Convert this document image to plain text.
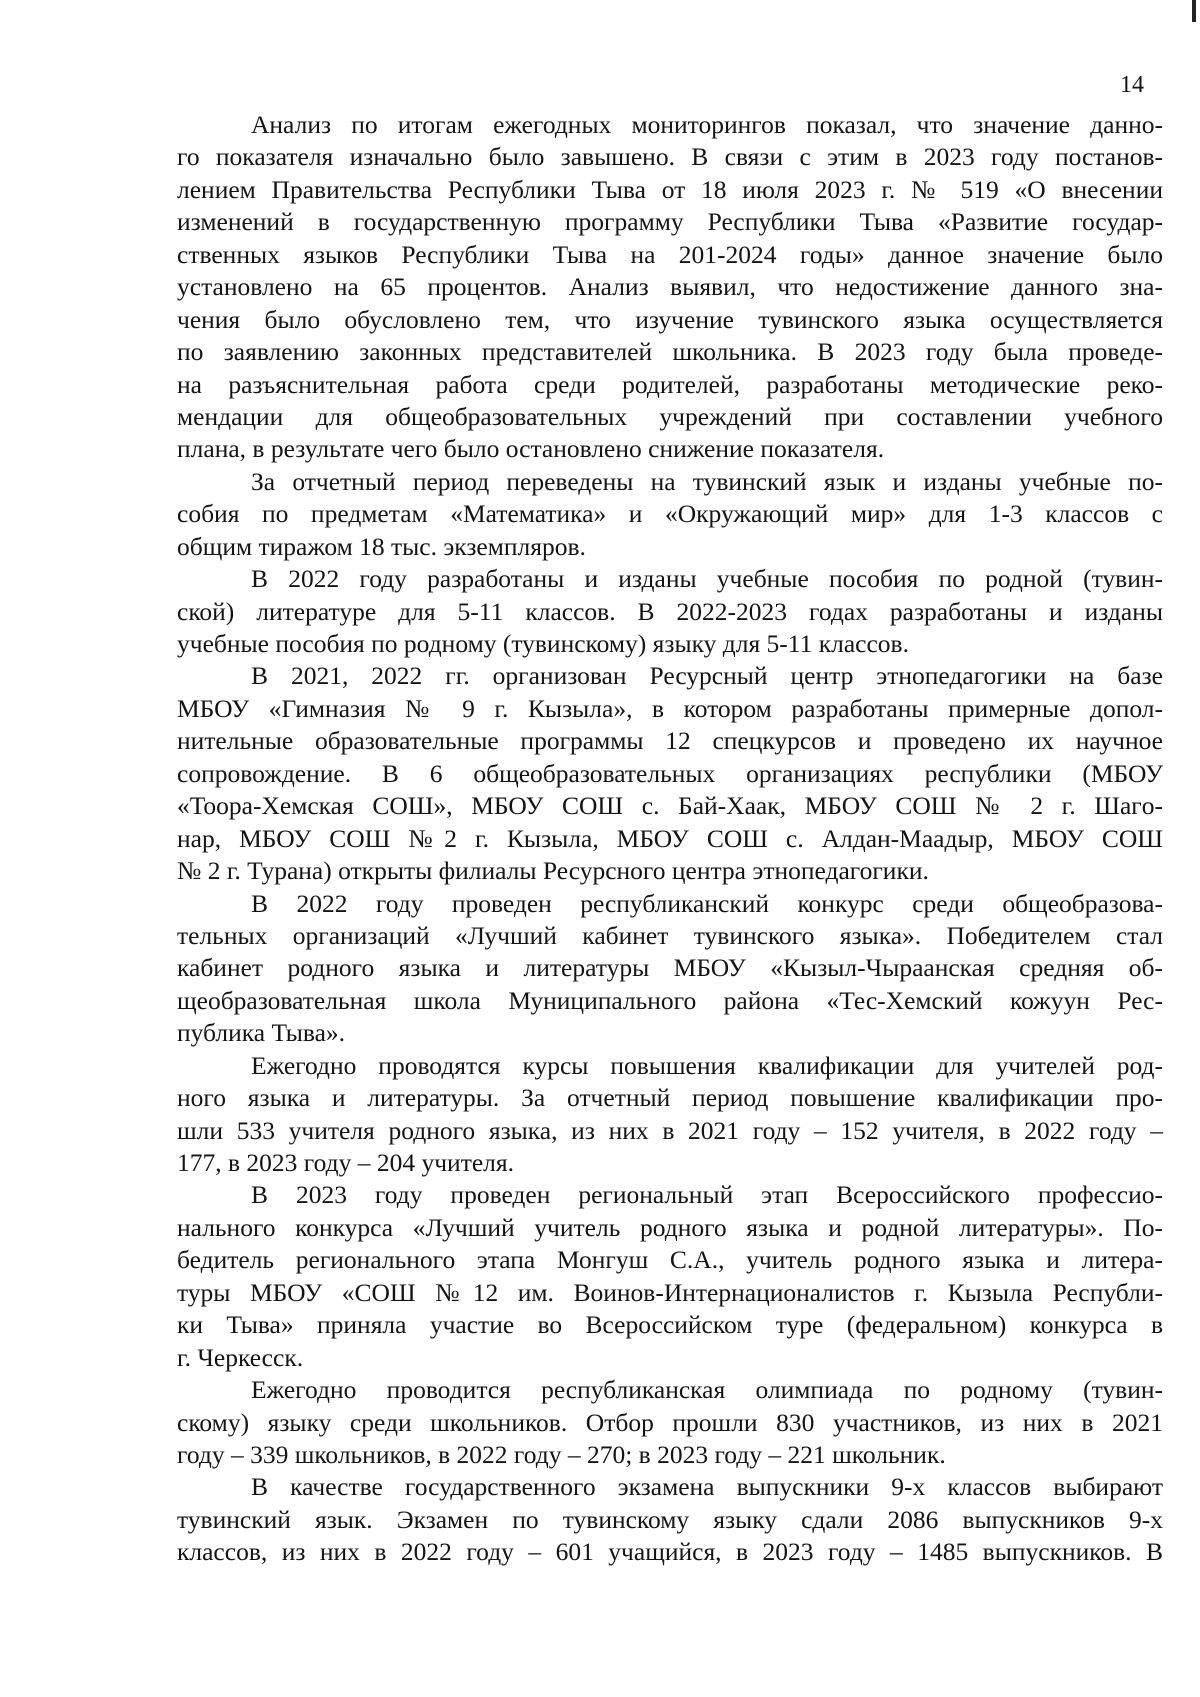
14
Анализ по итогам ежегодных мониторингов показал, что значение данно-
го показателя изначально было завышено. В связи с этим в 2023 году постанов-
лением Правительства Республики Тыва от 18 июля 2023 г. № 519 «О внесении
изменений в государственную программу Республики Тыва «Развитие государ-
ственных языков Республики Тыва на 201-2024 годы» данное значение было
установлено на 65 процентов. Анализ выявил, что недостижение данного зна-
чения было обусловлено тем, что изучение тувинского языка осуществляется
по заявлению законных представителей школьника. В 2023 году была проведе-
на разъяснительная работа среди родителей, разработаны методические реко-
мендации для общеобразовательных учреждений при составлении учебного
плана, в результате чего было остановлено снижение показателя.
За отчетный период переведены на тувинский язык и изданы учебные по-
собия по предметам «Математика» и «Окружающий мир» для 1-3 классов с
общим тиражом 18 тыс. экземпляров.
В 2022 году разработаны и изданы учебные пособия по родной (тувин-
ской) литературе для 5-11 классов. В 2022-2023 годах разработаны и изданы
учебные пособия по родному (тувинскому) языку для 5-11 классов.
В 2021, 2022 гг. организован Ресурсный центр этнопедагогики на базе
МБОУ «Гимназия № 9 г. Кызыла», в котором разработаны примерные допол-
нительные образовательные программы 12 спецкурсов и проведено их научное
сопровождение. В 6 общеобразовательных организациях республики (МБОУ
«Тоора-Хемская СОШ», МБОУ СОШ с. Бай-Хаак, МБОУ СОШ № 2 г. Шагo-
нар, МБОУ СОШ №2 г. Кызыла, МБОУ СОШ с. Алдан-Маадыр, МБОУ СОШ
№ 2 г. Турана) открыты филиалы Ресурсного центра этнопедагогики.
В 2022 году проведен республиканский конкурс среди общеобразова-
тельных организаций «Лучший кабинет тувинского языка». Победителем стал
кабинет родного языка и литературы МБОУ «Кызыл-Чыраанская средняя об-
щеобразовательная школа Муниципального района «Тес-Хемский кожуун Рес-
публика Тыва».
Ежегодно проводятся курсы повышения квалификации для учителей род-
ного языка и литературы. За отчетный период повышение квалификации про-
шли 533 учителя родного языка, из них в 2021 году – 152 учителя, в 2022 году –
177, в 2023 году – 204 учителя.
В 2023 году проведен региональный этап Всероссийского профессио-
нального конкурса «Лучший учитель родного языка и родной литературы». По-
бедитель регионального этапа Монгуш С.А., учитель родного языка и литера-
туры МБОУ «СОШ №12 им. Воинов-Интернационалистов г. Кызыла Республи-
ки Тыва» приняла участие во Всероссийском туре (федеральном) конкурса в
г. Черкесск.
Ежегодно проводится республиканская олимпиада по родному (тувин-
скому) языку среди школьников. Отбор прошли 830 участников, из них в 2021
году – 339 школьников, в 2022 году – 270; в 2023 году – 221 школьник.
В качестве государственного экзамена выпускники 9-х классов выбирают
тувинский язык. Экзамен по тувинскому языку сдали 2086 выпускников 9-х
классов, из них в 2022 году – 601 учащийся, в 2023 году – 1485 выпускников. В
